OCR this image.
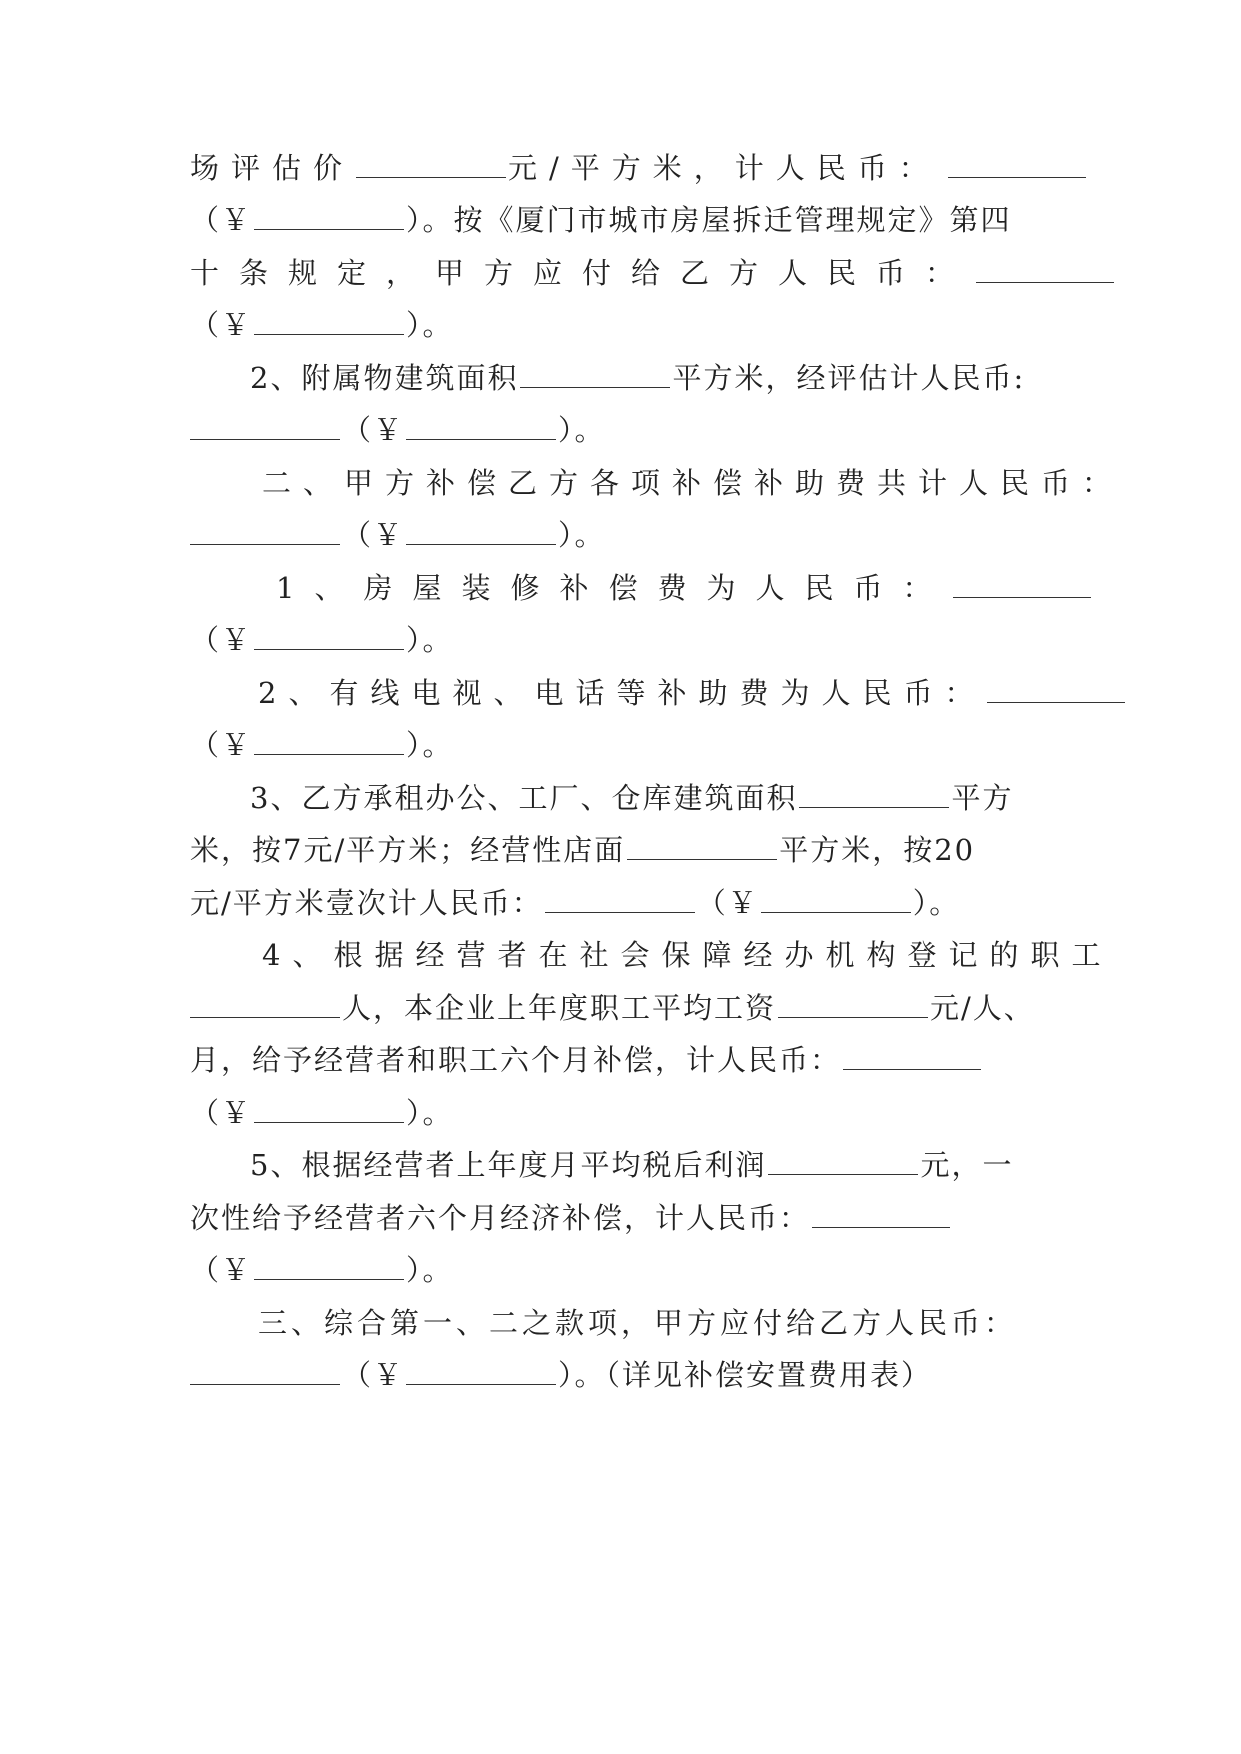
场评估价	元/平方米，计人民币：
（￥	）。按《厦门市城市房屋拆迁管理规定》第四
十条规定，甲方应付给乙方人民币：
（￥	）。
2、附属物建筑面积	平方米，经评估计人民币:
（￥	）。
二、甲方补偿乙方各项补偿补助费共计人民币：
（￥	）。
1、房屋装修补偿费为人民币：
（￥	）。
2、有线电视、电话等补助费为人民币：
（￥	）。
3、乙方承租办公、工厂、仓库建筑面积	平方
米，按7元/平方米；经营性店面	平方米，按20
元/平方米壹次计人民币：	（￥	）。
4、根据经营者在社会保障经办机构登记的职工
人，本企业上年度职工平均工资	元/人、
月，给予经营者和职工六个月补偿，计人民币：
（￥	）。
5、根据经营者上年度月平均税后利润	元，一
次性给予经营者六个月经济补偿，计人民币：
（￥	）。
三、综合第一、二之款项，甲方应付给乙方人民币：
（￥	）。（详见补偿安置费用表）
